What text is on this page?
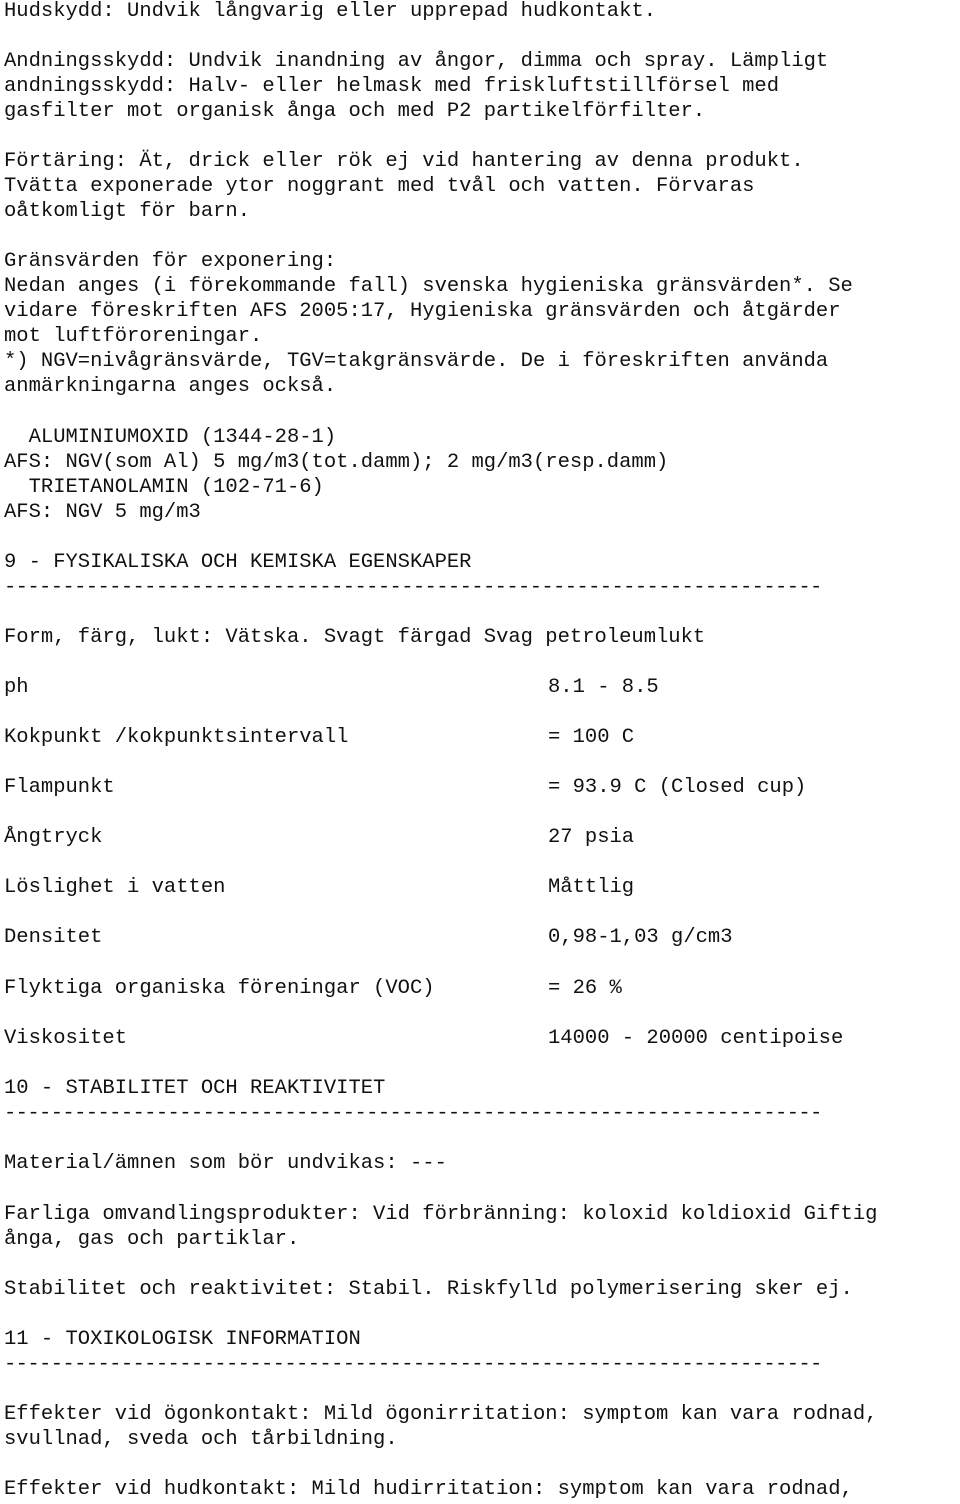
Hudskydd: Undvik långvarig eller upprepad hudkontakt.
Andningsskydd: Undvik inandning av ångor, dimma och spray. Lämpligt
andningsskydd: Halv- eller helmask med friskluftstillförsel med
gasfilter mot organisk ånga och med P2 partikelförfilter.
Förtäring: Ät, drick eller rök ej vid hantering av denna produkt.
Tvätta exponerade ytor noggrant med tvål och vatten. Förvaras
oåtkomligt för barn.
Gränsvärden för exponering:
Nedan anges (i förekommande fall) svenska hygieniska gränsvärden*. Se
vidare föreskriften AFS 2005:17, Hygieniska gränsvärden och åtgärder
mot luftföroreningar.
*) NGV=nivågränsvärde, TGV=takgränsvärde. De i föreskriften använda
anmärkningarna anges också.
ALUMINIUMOXID (1344-28-1)
AFS: NGV(som Al) 5 mg/m3(tot.damm); 2 mg/m3(resp.damm)
TRIETANOLAMIN (102-71-6)
AFS: NGV 5 mg/m3
9 - FYSIKALISKA OCH KEMISKA EGENSKAPER
----------------------------------------------------------------------
Form, färg, lukt: Vätska. Svagt färgad Svag petroleumlukt
ph	8.1 - 8.5
Kokpunkt /kokpunktsintervall	= 100 C
Flampunkt	= 93.9 C (Closed cup)
Ångtryck	27 psia
Löslighet i vatten	Måttlig
Densitet	0,98-1,03 g/cm3
Flyktiga organiska föreningar (VOC)	= 26 %
Viskositet	14000 - 20000 centipoise
10 - STABILITET OCH REAKTIVITET
----------------------------------------------------------------------
Material/ämnen som bör undvikas: ---
Farliga omvandlingsprodukter: Vid förbränning: koloxid koldioxid Giftig
ånga, gas och partiklar.
Stabilitet och reaktivitet: Stabil. Riskfylld polymerisering sker ej.
11 - TOXIKOLOGISK INFORMATION
----------------------------------------------------------------------
Effekter vid ögonkontakt: Mild ögonirritation: symptom kan vara rodnad,
svullnad, sveda och tårbildning.
Effekter vid hudkontakt: Mild hudirritation: symptom kan vara rodnad,
